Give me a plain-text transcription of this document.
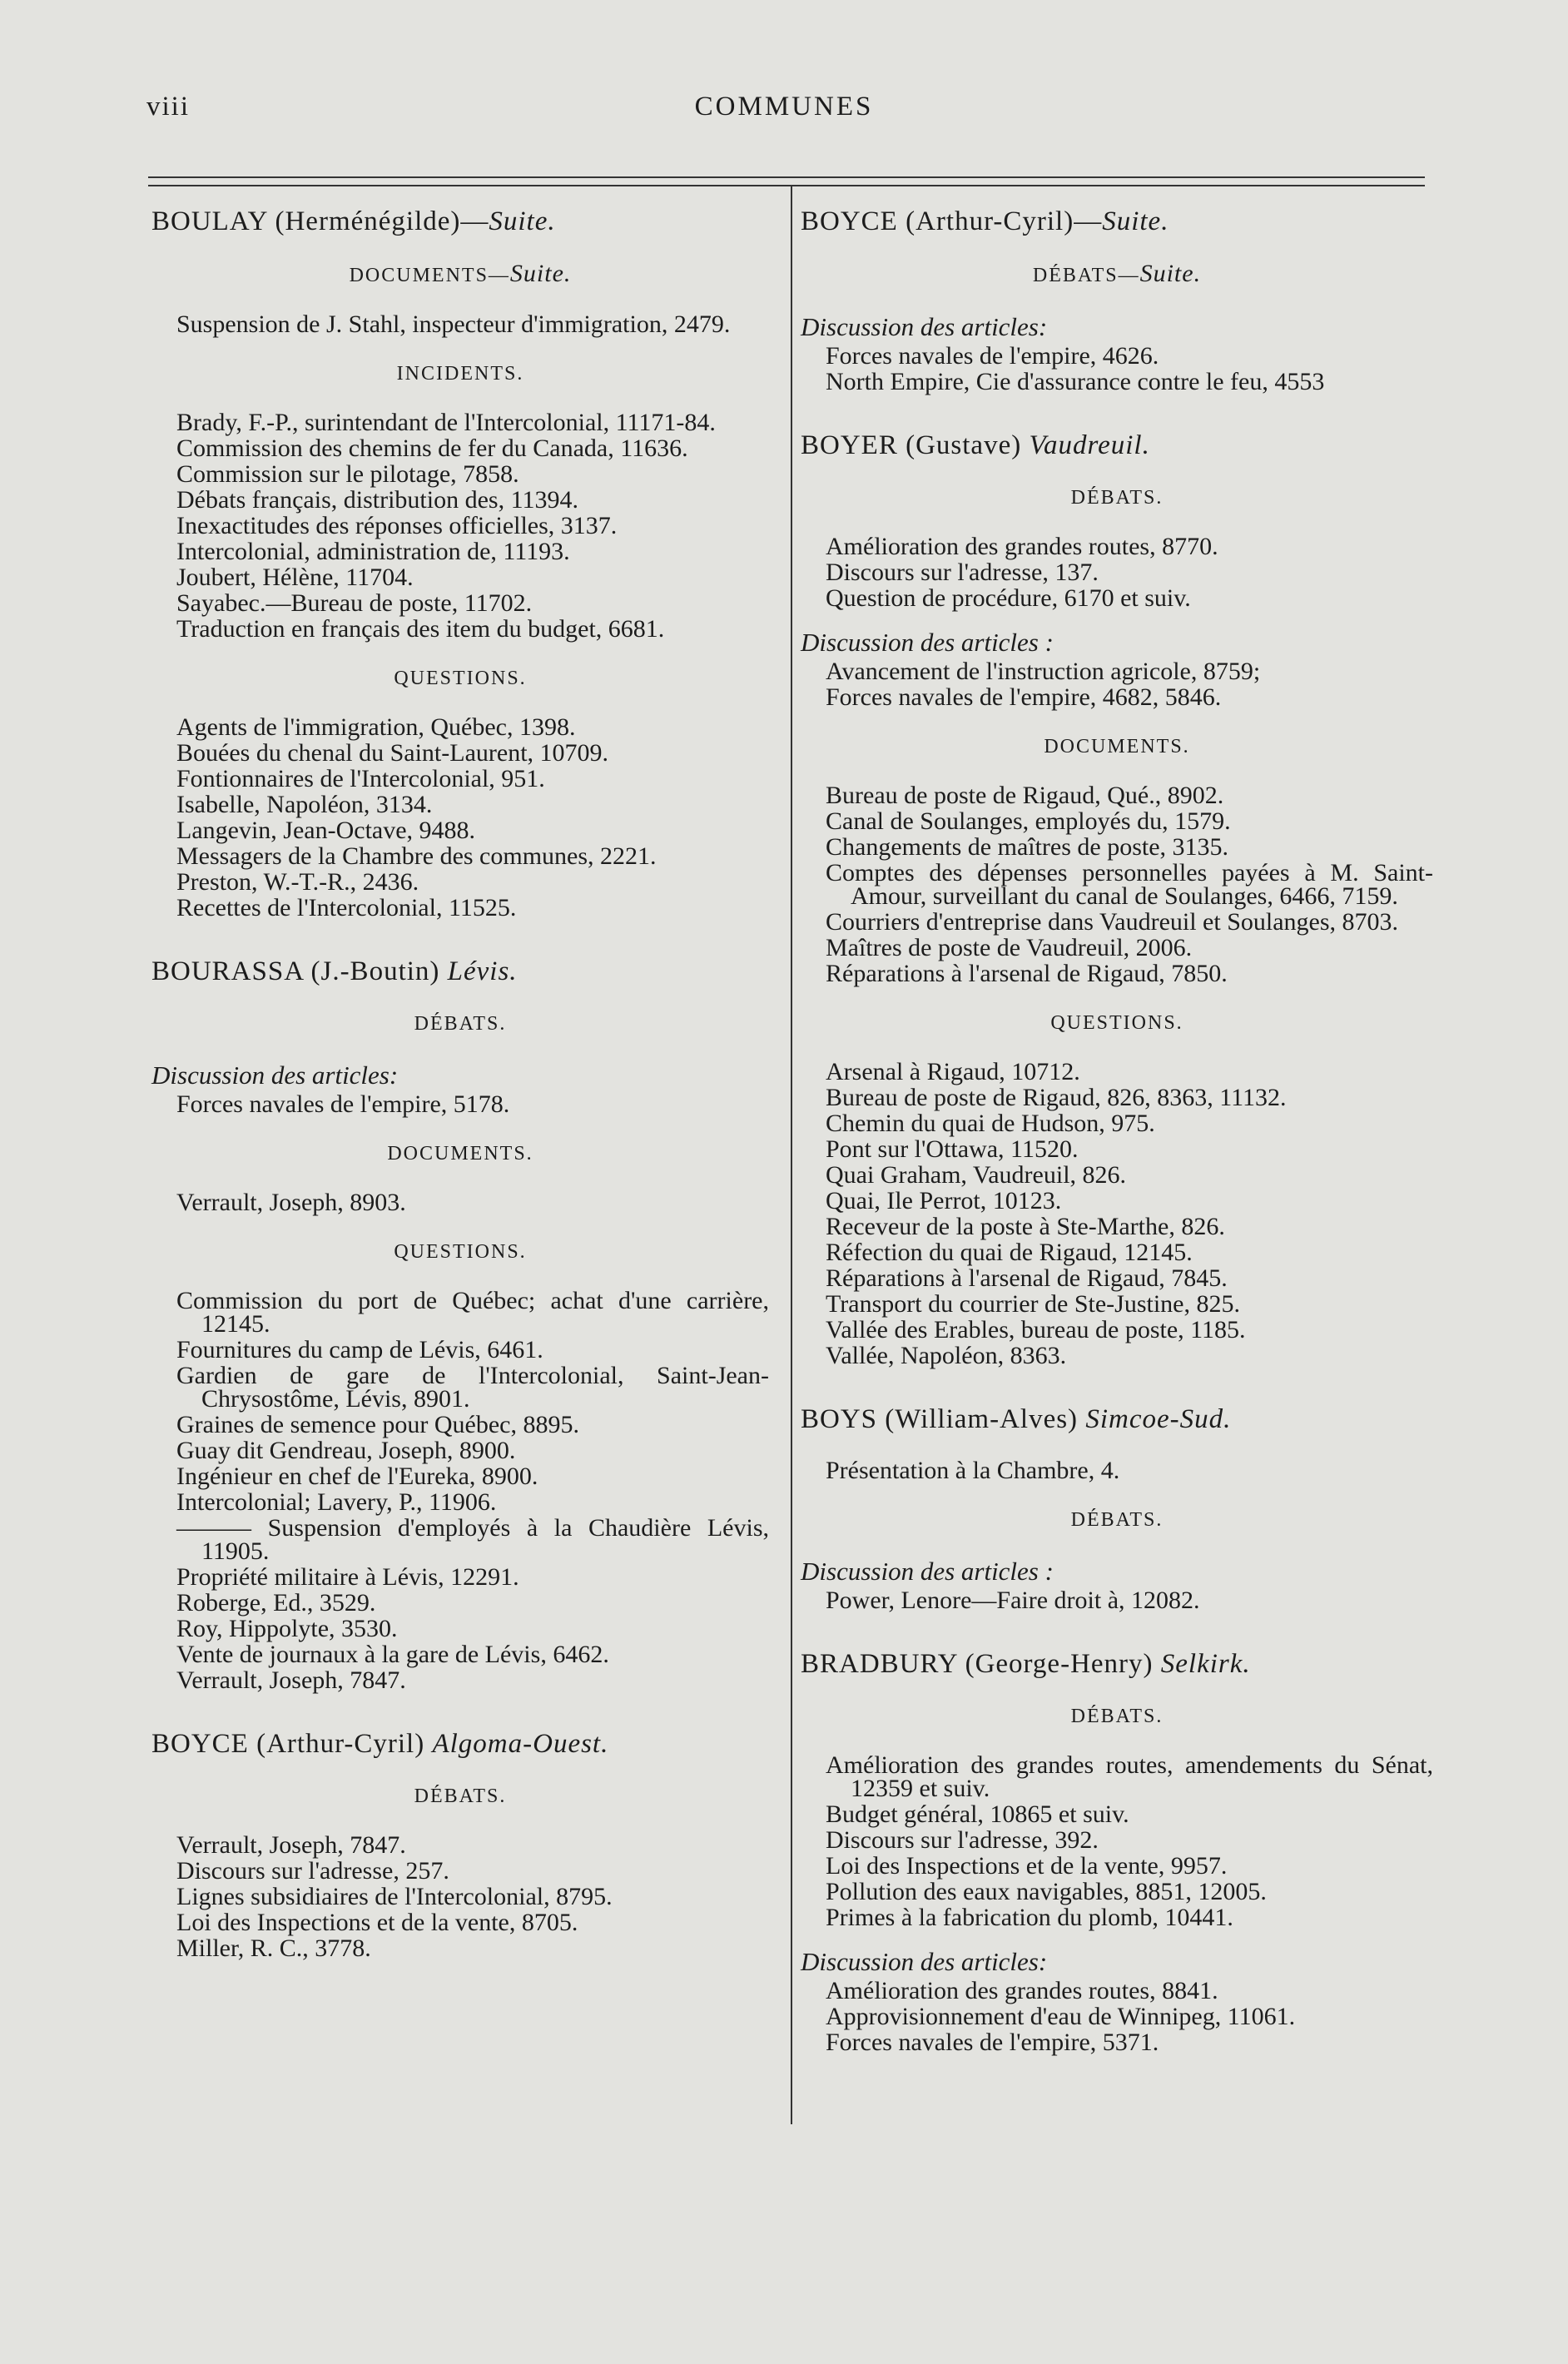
viii	COMMUNES
BOULAY (Herménégilde)—Suite.
DOCUMENTS—Suite.
Suspension de J. Stahl, inspecteur d'immigration, 2479.
INCIDENTS.
Brady, F.-P., surintendant de l'Intercolonial, 11171-84.
Commission des chemins de fer du Canada, 11636.
Commission sur le pilotage, 7858.
Débats français, distribution des, 11394.
Inexactitudes des réponses officielles, 3137.
Intercolonial, administration de, 11193.
Joubert, Hélène, 11704.
Sayabec.—Bureau de poste, 11702.
Traduction en français des item du budget, 6681.
QUESTIONS.
Agents de l'immigration, Québec, 1398.
Bouées du chenal du Saint-Laurent, 10709.
Fontionnaires de l'Intercolonial, 951.
Isabelle, Napoléon, 3134.
Langevin, Jean-Octave, 9488.
Messagers de la Chambre des communes, 2221.
Preston, W.-T.-R., 2436.
Recettes de l'Intercolonial, 11525.
BOURASSA (J.-Boutin) Lévis.
DÉBATS.
Discussion des articles:
Forces navales de l'empire, 5178.
DOCUMENTS.
Verrault, Joseph, 8903.
QUESTIONS.
Commission du port de Québec; achat d'une carrière, 12145.
Fournitures du camp de Lévis, 6461.
Gardien de gare de l'Intercolonial, Saint-Jean-Chrysostôme, Lévis, 8901.
Graines de semence pour Québec, 8895.
Guay dit Gendreau, Joseph, 8900.
Ingénieur en chef de l'Eureka, 8900.
Intercolonial; Lavery, P., 11906.
——— Suspension d'employés à la Chaudière Lévis, 11905.
Propriété militaire à Lévis, 12291.
Roberge, Ed., 3529.
Roy, Hippolyte, 3530.
Vente de journaux à la gare de Lévis, 6462.
Verrault, Joseph, 7847.
BOYCE (Arthur-Cyril) Algoma-Ouest.
DÉBATS.
Verrault, Joseph, 7847.
Discours sur l'adresse, 257.
Lignes subsidiaires de l'Intercolonial, 8795.
Loi des Inspections et de la vente, 8705.
Miller, R. C., 3778.
BOYCE (Arthur-Cyril)—Suite.
DÉBATS—Suite.
Discussion des articles:
Forces navales de l'empire, 4626.
North Empire, Cie d'assurance contre le feu, 4553
BOYER (Gustave) Vaudreuil.
DÉBATS.
Amélioration des grandes routes, 8770.
Discours sur l'adresse, 137.
Question de procédure, 6170 et suiv.
Discussion des articles :
Avancement de l'instruction agricole, 8759;
Forces navales de l'empire, 4682, 5846.
DOCUMENTS.
Bureau de poste de Rigaud, Qué., 8902.
Canal de Soulanges, employés du, 1579.
Changements de maîtres de poste, 3135.
Comptes des dépenses personnelles payées à M. Saint-Amour, surveillant du canal de Soulanges, 6466, 7159.
Courriers d'entreprise dans Vaudreuil et Soulanges, 8703.
Maîtres de poste de Vaudreuil, 2006.
Réparations à l'arsenal de Rigaud, 7850.
QUESTIONS.
Arsenal à Rigaud, 10712.
Bureau de poste de Rigaud, 826, 8363, 11132.
Chemin du quai de Hudson, 975.
Pont sur l'Ottawa, 11520.
Quai Graham, Vaudreuil, 826.
Quai, Ile Perrot, 10123.
Receveur de la poste à Ste-Marthe, 826.
Réfection du quai de Rigaud, 12145.
Réparations à l'arsenal de Rigaud, 7845.
Transport du courrier de Ste-Justine, 825.
Vallée des Erables, bureau de poste, 1185.
Vallée, Napoléon, 8363.
BOYS (William-Alves) Simcoe-Sud.
Présentation à la Chambre, 4.
DÉBATS.
Discussion des articles :
Power, Lenore—Faire droit à, 12082.
BRADBURY (George-Henry) Selkirk.
DÉBATS.
Amélioration des grandes routes, amendements du Sénat, 12359 et suiv.
Budget général, 10865 et suiv.
Discours sur l'adresse, 392.
Loi des Inspections et de la vente, 9957.
Pollution des eaux navigables, 8851, 12005.
Primes à la fabrication du plomb, 10441.
Discussion des articles:
Amélioration des grandes routes, 8841.
Approvisionnement d'eau de Winnipeg, 11061.
Forces navales de l'empire, 5371.
